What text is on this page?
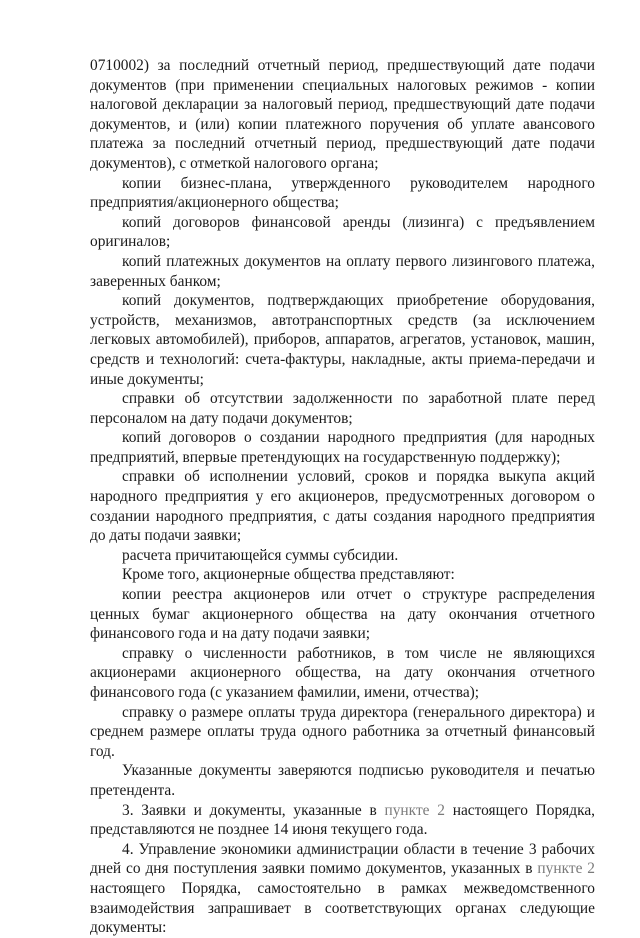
0710002) за последний отчетный период, предшествующий дате подачи документов (при применении специальных налоговых режимов - копии налоговой декларации за налоговый период, предшествующий дате подачи документов, и (или) копии платежного поручения об уплате авансового платежа за последний отчетный период, предшествующий дате подачи документов), с отметкой налогового органа;

копии бизнес-плана, утвержденного руководителем народного предприятия/акционерного общества;

копий договоров финансовой аренды (лизинга) с предъявлением оригиналов;

копий платежных документов на оплату первого лизингового платежа, заверенных банком;

копий документов, подтверждающих приобретение оборудования, устройств, механизмов, автотранспортных средств (за исключением легковых автомобилей), приборов, аппаратов, агрегатов, установок, машин, средств и технологий: счета-фактуры, накладные, акты приема-передачи и иные документы;

справки об отсутствии задолженности по заработной плате перед персоналом на дату подачи документов;

копий договоров о создании народного предприятия (для народных предприятий, впервые претендующих на государственную поддержку);

справки об исполнении условий, сроков и порядка выкупа акций народного предприятия у его акционеров, предусмотренных договором о создании народного предприятия, с даты создания народного предприятия до даты подачи заявки;

расчета причитающейся суммы субсидии.

Кроме того, акционерные общества представляют:

копии реестра акционеров или отчет о структуре распределения ценных бумаг акционерного общества на дату окончания отчетного финансового года и на дату подачи заявки;

справку о численности работников, в том числе не являющихся акционерами акционерного общества, на дату окончания отчетного финансового года (с указанием фамилии, имени, отчества);

справку о размере оплаты труда директора (генерального директора) и среднем размере оплаты труда одного работника за отчетный финансовый год.

Указанные документы заверяются подписью руководителя и печатью претендента.

3. Заявки и документы, указанные в пункте 2 настоящего Порядка, представляются не позднее 14 июня текущего года.

4. Управление экономики администрации области в течение 3 рабочих дней со дня поступления заявки помимо документов, указанных в пункте 2 настоящего Порядка, самостоятельно в рамках межведомственного взаимодействия запрашивает в соответствующих органах следующие документы:
